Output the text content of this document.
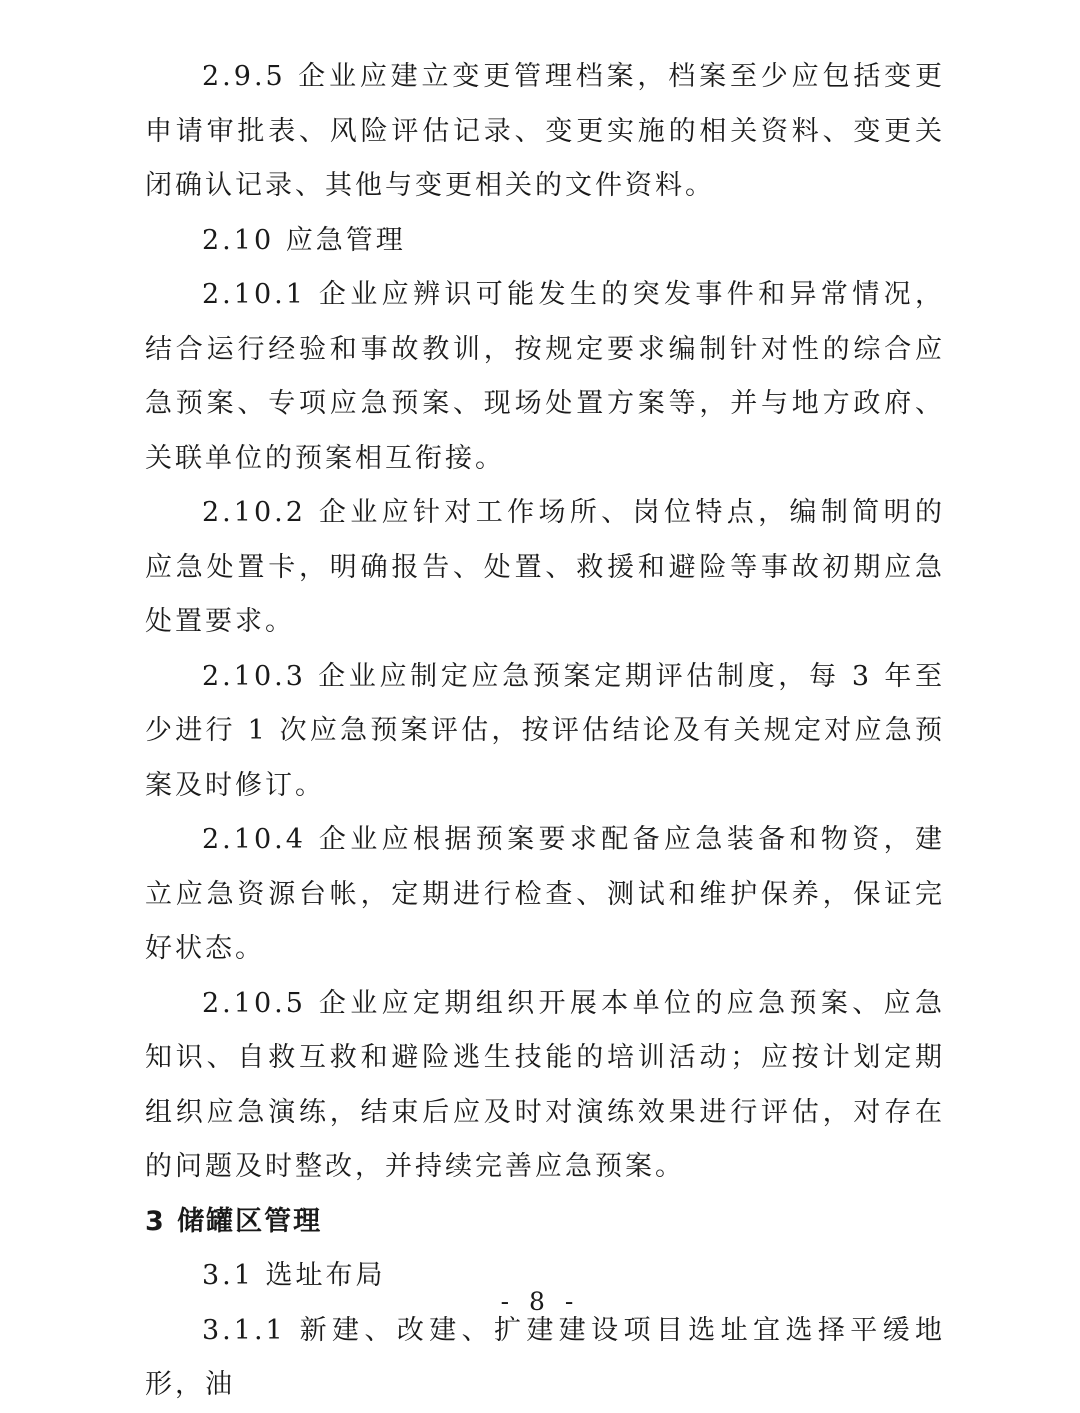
2.9.5 企业应建立变更管理档案，档案至少应包括变更申请审批表、风险评估记录、变更实施的相关资料、变更关闭确认记录、其他与变更相关的文件资料。

2.10 应急管理

2.10.1 企业应辨识可能发生的突发事件和异常情况，结合运行经验和事故教训，按规定要求编制针对性的综合应急预案、专项应急预案、现场处置方案等，并与地方政府、关联单位的预案相互衔接。

2.10.2 企业应针对工作场所、岗位特点，编制简明的应急处置卡，明确报告、处置、救援和避险等事故初期应急处置要求。

2.10.3 企业应制定应急预案定期评估制度，每 3 年至少进行 1 次应急预案评估，按评估结论及有关规定对应急预案及时修订。

2.10.4 企业应根据预案要求配备应急装备和物资，建立应急资源台帐，定期进行检查、测试和维护保养，保证完好状态。

2.10.5 企业应定期组织开展本单位的应急预案、应急知识、自救互救和避险逃生技能的培训活动；应按计划定期组织应急演练，结束后应及时对演练效果进行评估，对存在的问题及时整改，并持续完善应急预案。

3 储罐区管理

3.1 选址布局

3.1.1 新建、改建、扩建建设项目选址宜选择平缓地形，油

- 8 -
